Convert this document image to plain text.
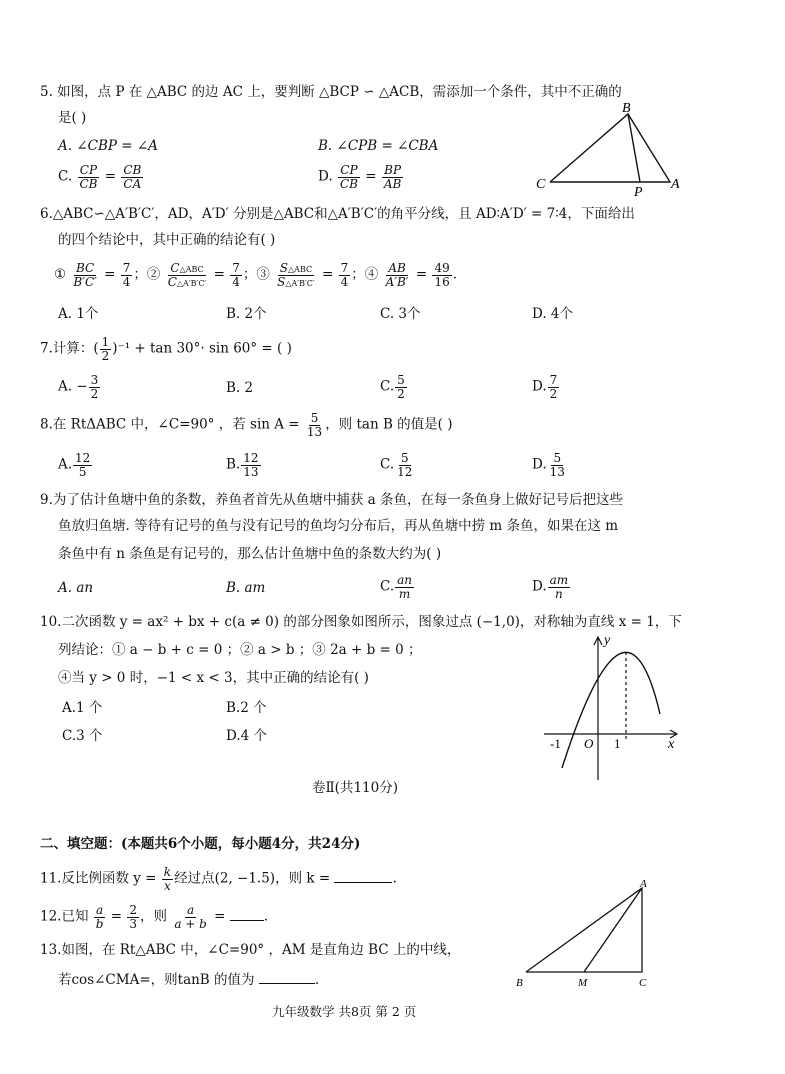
5. 如图，点 P 在 △ABC 的边 AC 上，要判断 △BCP ∽ △ACB，需添加一个条件，其中不正确的
是( )
A. ∠CBP = ∠A	B. ∠CPB = ∠CBA
C. $\frac{CP}{CB} = \frac{CB}{CA}$	D. $\frac{CP}{CB} = \frac{BP}{AB}$
B
C
P
A
6.△ABC∽△A′B′C′，AD，A′D′ 分别是△ABC和△A′B′C′的角平分线，且 AD∶A′D′ = 7∶4，下面给出
的四个结论中，其中正确的结论有( )
① $\frac{BC}{B'C'} = \frac{7}{4}$ ；② C△ABC
C△A′B′C′
= $\frac{7}{4}$ ；③ S△ABC
S△A′B′C′
= $\frac{7}{4}$ ；④ $\frac{AB}{A'B'} = \frac{49}{16}$ .
A. 1个	B. 2个	C. 3个	D. 4个
7.计算：( $\frac{1}{2} )^{-1} + \tan 30^\circ\cdot \sin 60^\circ$ = ( )
A. − $\frac{3}{2}$	B. 2	C. $\frac{5}{2}$	D. $\frac{7}{2}$
8.在 RtΔABC 中，∠C=90° ，若 $\sin A = \frac{5}{13}$ ，则 tan B 的值是( )
A. $\frac{12}{5}$	B. $\frac{12}{13}$	C. $\frac{5}{12}$	D. $\frac{5}{13}$
9.为了估计鱼塘中鱼的条数，养鱼者首先从鱼塘中捕获 a 条鱼，在每一条鱼身上做好记号后把这些
鱼放归鱼塘. 等待有记号的鱼与没有记号的鱼均匀分布后，再从鱼塘中捞 m 条鱼，如果在这 m
条鱼中有 n 条鱼是有记号的，那么估计鱼塘中鱼的条数大约为( )
A. an	B. am	C. $\frac{an}{m}$	D. $\frac{am}{n}$
10.二次函数 y = ax² + bx + c(a ≠ 0) 的部分图象如图所示，图象过点 (−1,0)，对称轴为直线 x = 1，下
列结论：① a − b + c = 0 ；② a > b ；③ 2a + b = 0 ；
④当 y > 0 时，−1 < x < 3，其中正确的结论有( )
A.1 个	B.2 个
C.3 个	D.4 个
y
x
-1 O 1
卷Ⅱ(共110分)
二、填空题：(本题共6个小题，每小题4分，共24分)
11.反比例函数 $y = \frac{k}{x}$ 经过点(2, −1.5)，则 k =	.
12.已知 $\frac{a}{b} = \frac{2}{3}$ ，则 $\frac{a}{a + b}$ =	.
13.如图，在 Rt△ABC 中，∠C=90° ，AM 是直角边 BC 上的中线，
若cos∠CMA=，则tanB 的值为	.
A
B	M	C
九年级数学 共8页 第 2 页
